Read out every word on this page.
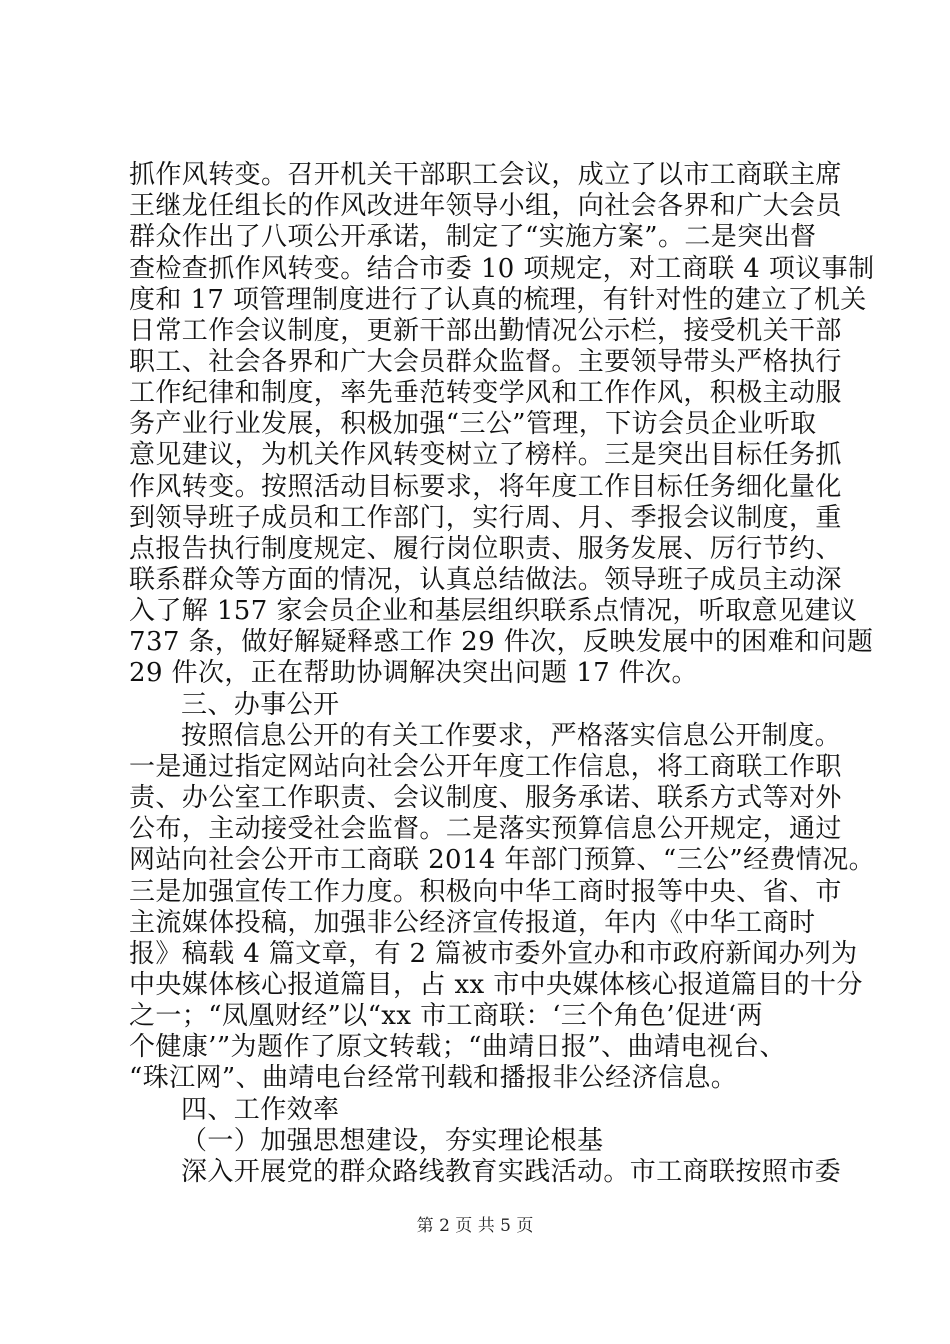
抓作风转变。召开机关干部职工会议，成立了以市工商联主席
王继龙任组长的作风改进年领导小组，向社会各界和广大会员
群众作出了八项公开承诺，制定了“实施方案”。二是突出督
查检查抓作风转变。结合市委 10 项规定，对工商联 4 项议事制
度和 17 项管理制度进行了认真的梳理，有针对性的建立了机关
日常工作会议制度，更新干部出勤情况公示栏，接受机关干部
职工、社会各界和广大会员群众监督。主要领导带头严格执行
工作纪律和制度，率先垂范转变学风和工作作风，积极主动服
务产业行业发展，积极加强“三公”管理，下访会员企业听取
意见建议，为机关作风转变树立了榜样。三是突出目标任务抓
作风转变。按照活动目标要求，将年度工作目标任务细化量化
到领导班子成员和工作部门，实行周、月、季报会议制度，重
点报告执行制度规定、履行岗位职责、服务发展、厉行节约、
联系群众等方面的情况，认真总结做法。领导班子成员主动深
入了解 157 家会员企业和基层组织联系点情况，听取意见建议
737 条，做好解疑释惑工作 29 件次，反映发展中的困难和问题
29 件次，正在帮助协调解决突出问题 17 件次。
三、办事公开
按照信息公开的有关工作要求，严格落实信息公开制度。
一是通过指定网站向社会公开年度工作信息，将工商联工作职
责、办公室工作职责、会议制度、服务承诺、联系方式等对外
公布，主动接受社会监督。二是落实预算信息公开规定，通过
网站向社会公开市工商联 2014 年部门预算、“三公”经费情况。
三是加强宣传工作力度。积极向中华工商时报等中央、省、市
主流媒体投稿，加强非公经济宣传报道，年内《中华工商时
报》稿载 4 篇文章，有 2 篇被市委外宣办和市政府新闻办列为
中央媒体核心报道篇目，占 xx 市中央媒体核心报道篇目的十分
之一；“凤凰财经”以“xx 市工商联：‘三个角色’促进‘两
个健康’”为题作了原文转载；“曲靖日报”、曲靖电视台、
“珠江网”、曲靖电台经常刊载和播报非公经济信息。
四、工作效率
（一）加强思想建设，夯实理论根基
深入开展党的群众路线教育实践活动。市工商联按照市委
第 2 页 共 5 页
